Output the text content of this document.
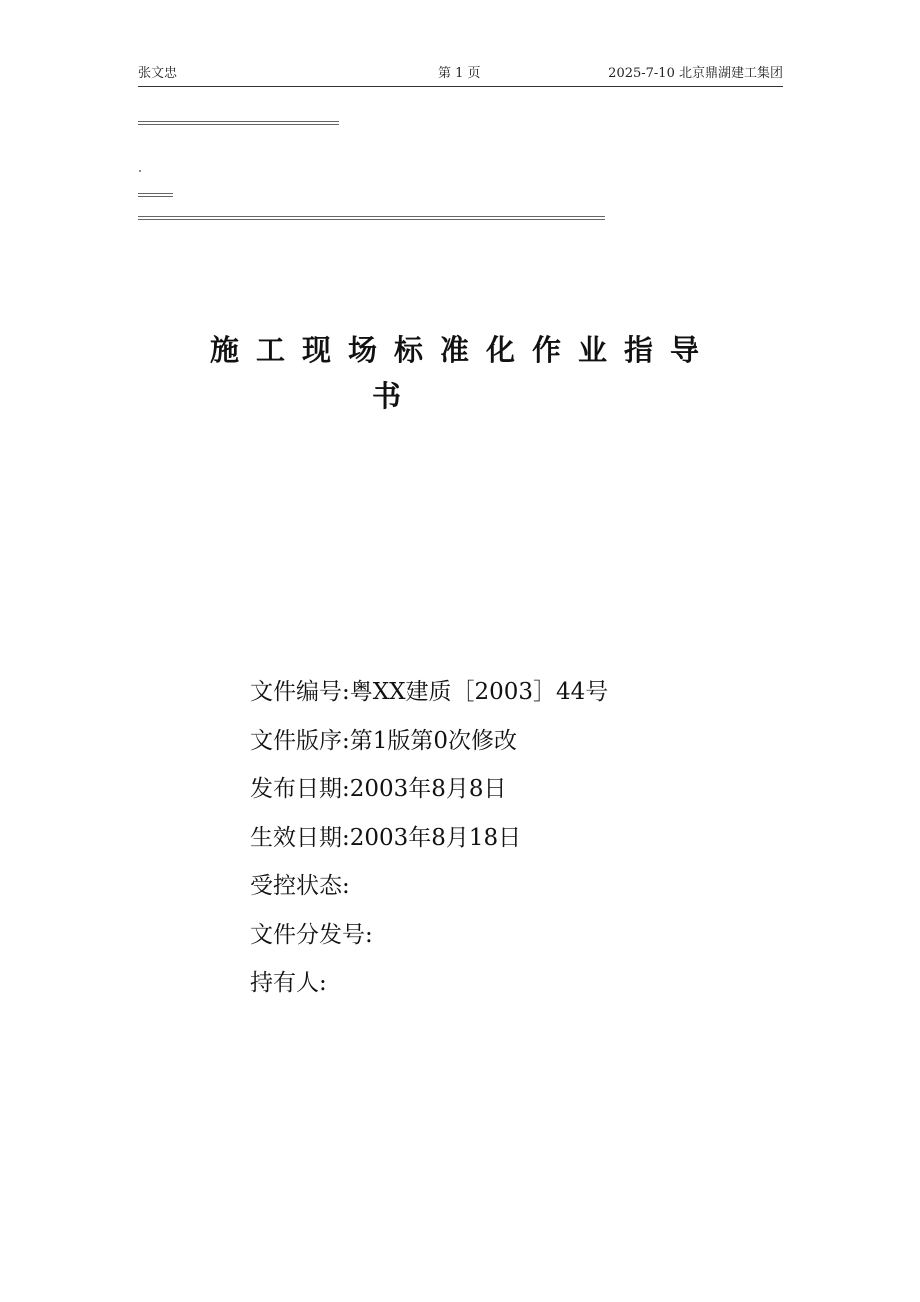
张文忠	第 1 页	2025-7-10 北京鼎湖建工集团
施工现场标准化作业指导
书
文件编号:粤XX建质［2003］44号
文件版序:第1版第0次修改
发布日期:2003年8月8日
生效日期:2003年8月18日
受控状态:
文件分发号:
持有人:
